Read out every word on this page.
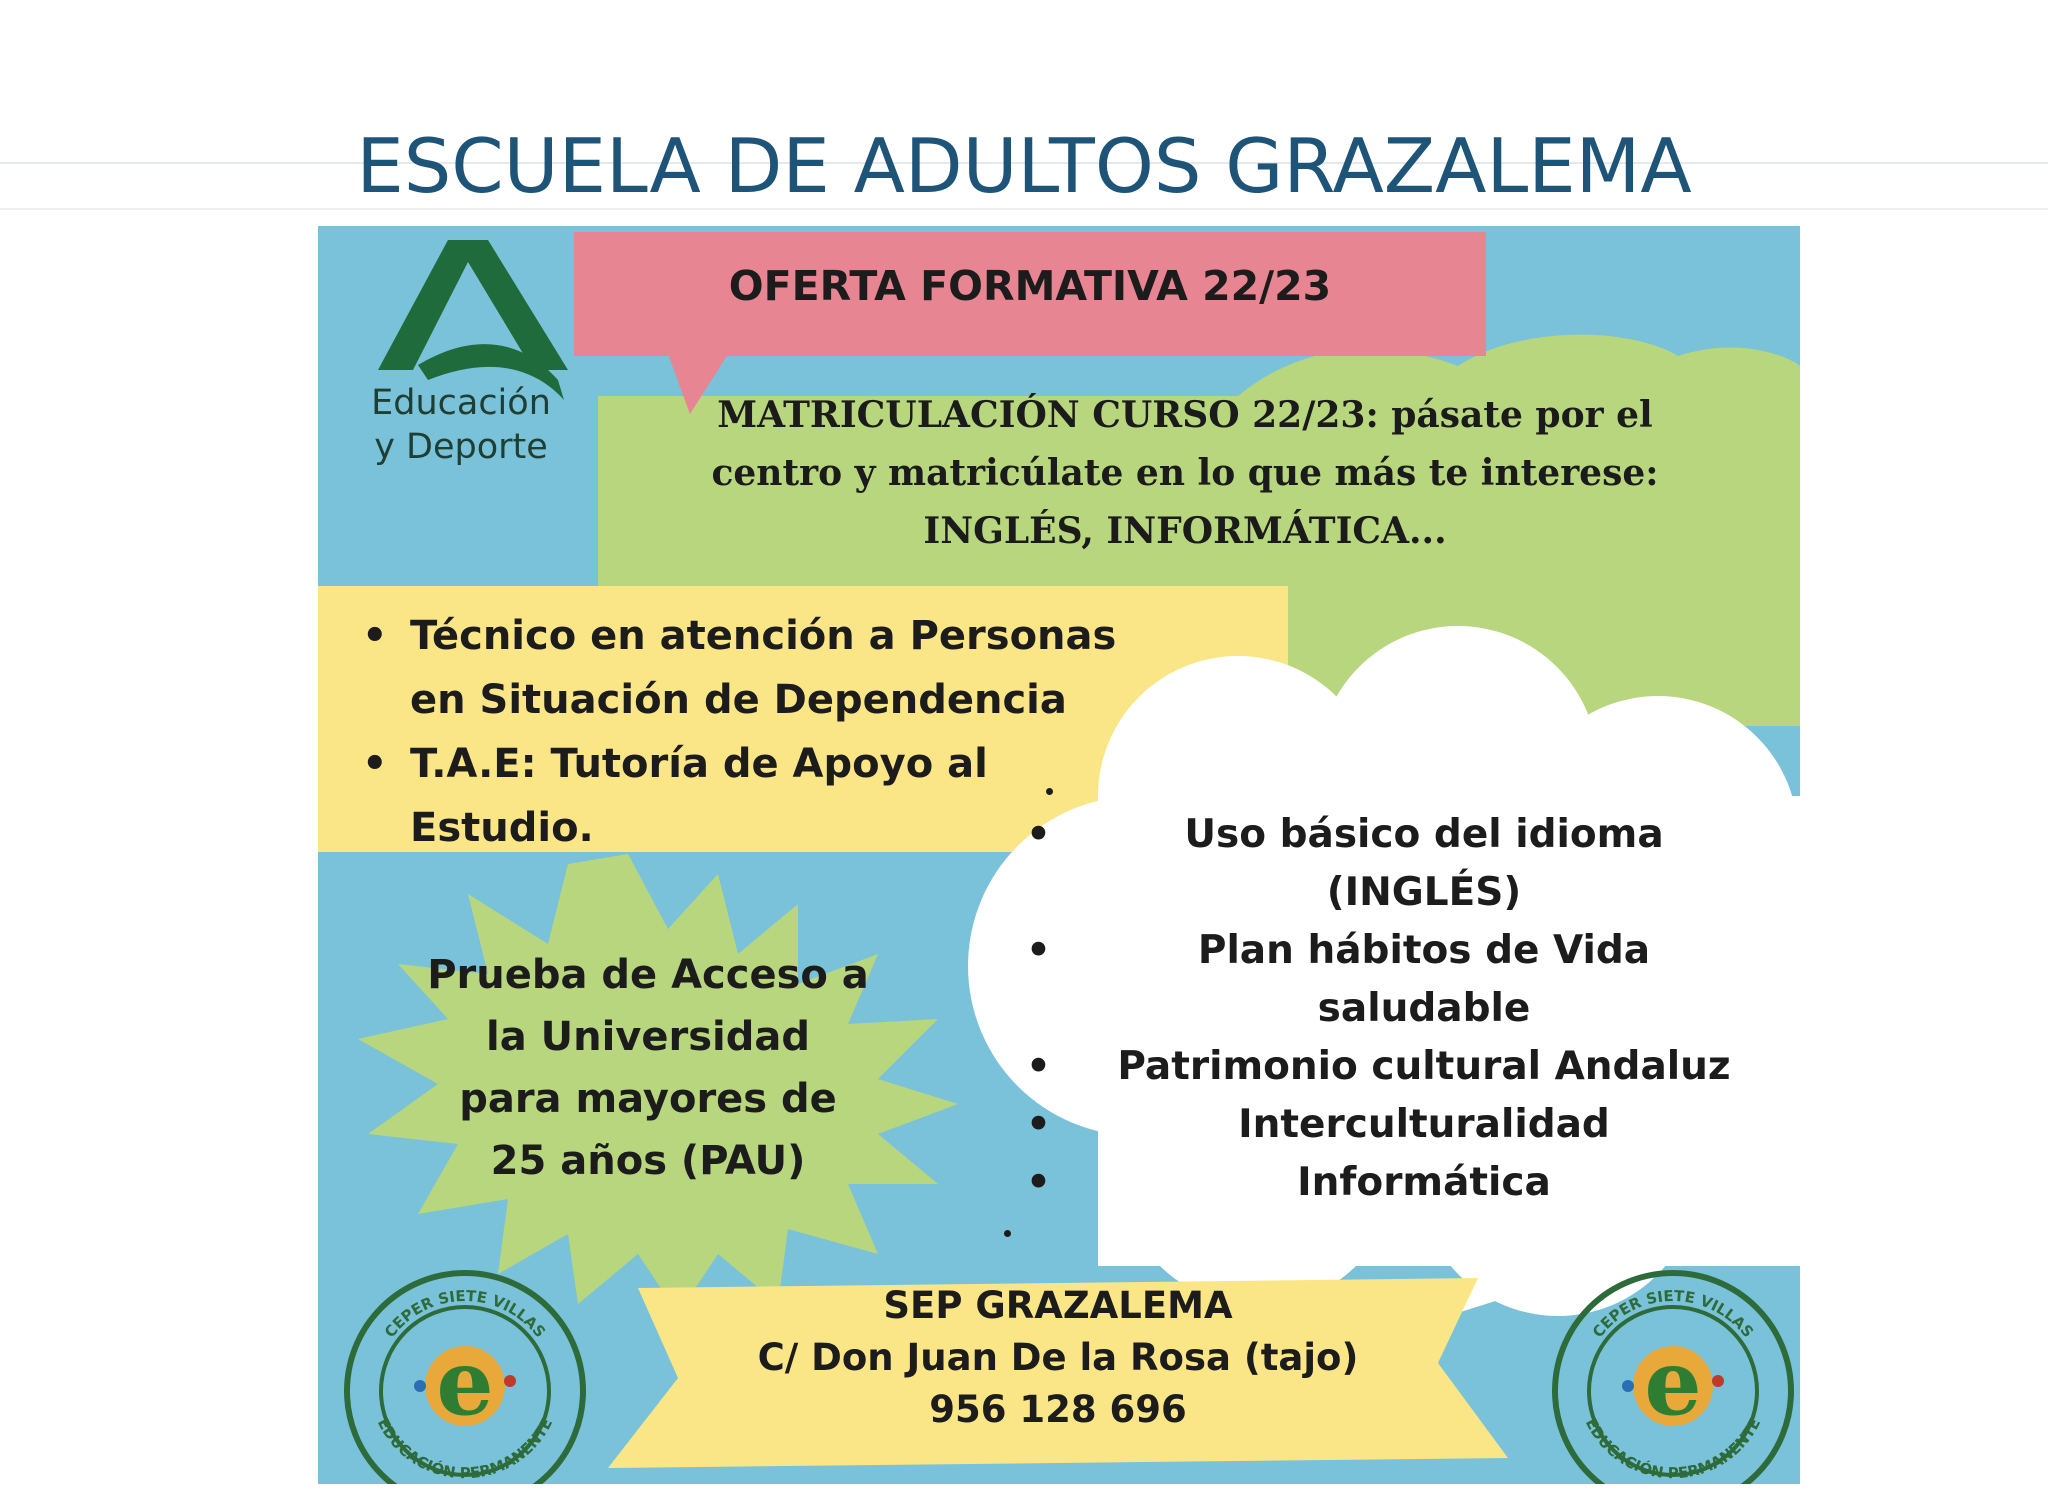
ESCUELA DE ADULTOS GRAZALEMA
OFERTA FORMATIVA 22/23
Educación
y Deporte
MATRICULACIÓN CURSO 22/23: pásate por el
centro y matricúlate en lo que más te interese:
INGLÉS, INFORMÁTICA...
• Técnico en atención a Personas
en Situación de Dependencia
• T.A.E: Tutoría de Apoyo al
Estudio.
Prueba de Acceso a
la Universidad
para mayores de
25 años (PAU)
•	Uso básico del idioma
(INGLÉS)
•	Plan hábitos de Vida
saludable
•	Patrimonio cultural Andaluz
•	Interculturalidad
•	Informática
SEP GRAZALEMA
C/ Don Juan De la Rosa (tajo)
956 128 696
CEPER SIETE VILLAS
EDUCACIÓN PERMANENTE
e	CEPER SIETE VILLAS
EDUCACIÓN PERMANENTE
e
